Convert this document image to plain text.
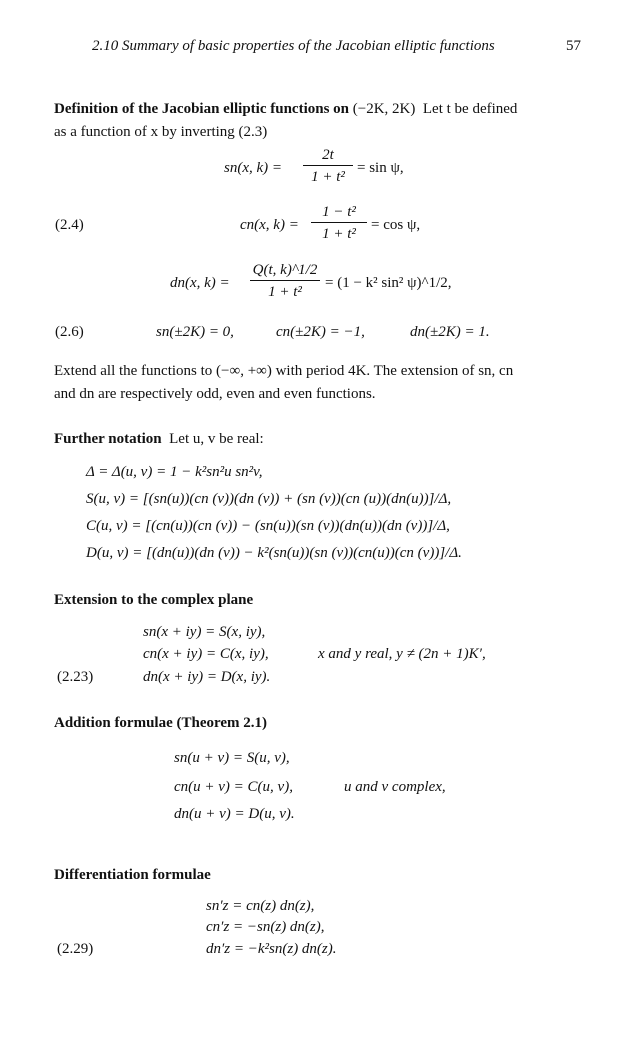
2.10 Summary of basic properties of the Jacobian elliptic functions	57
Definition of the Jacobian elliptic functions on (−2K, 2K) Let t be defined
as a function of x by inverting (2.3)
sn(x, k) =
2t
1 + t²
= sin ψ,
(2.4)	cn(x, k) =
1 − t²
1 + t²
= cos ψ,
dn(x, k) =
Q(t, k)^1/2
1 + t²
= (1 − k² sin² ψ)^1/2,
(2.6)	sn(±2K) = 0,	cn(±2K) = −1,	dn(±2K) = 1.
Extend all the functions to (−∞, +∞) with period 4K. The extension of sn, cn
and dn are respectively odd, even and even functions.
Further notation Let u, v be real:
Δ = Δ(u, v) = 1 − k²sn²u sn²v,
S(u, v) = [(sn(u))(cn (v))(dn (v)) + (sn (v))(cn (u))(dn(u))]/Δ,
C(u, v) = [(cn(u))(cn (v)) − (sn(u))(sn (v))(dn(u))(dn (v))]/Δ,
D(u, v) = [(dn(u))(dn (v)) − k²(sn(u))(sn (v))(cn(u))(cn (v))]/Δ.
Extension to the complex plane
sn(x + iy) = S(x, iy),
cn(x + iy) = C(x, iy),	x and y real, y ≠ (2n + 1)K′,
(2.23)	dn(x + iy) = D(x, iy).
Addition formulae (Theorem 2.1)
sn(u + v) = S(u, v),
cn(u + v) = C(u, v),	u and v complex,
dn(u + v) = D(u, v).
Differentiation formulae
sn′z = cn(z) dn(z),
cn′z = −sn(z) dn(z),
(2.29)	dn′z = −k²sn(z) dn(z).
